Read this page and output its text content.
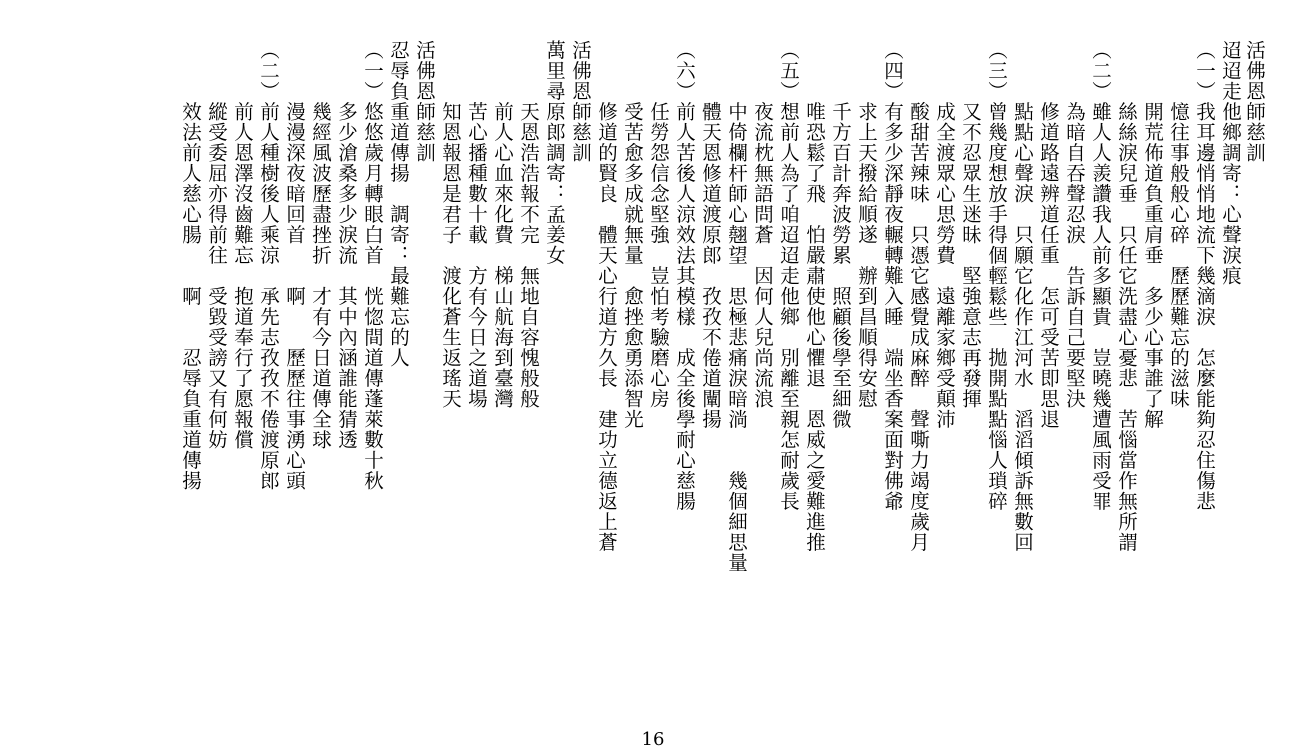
活佛恩師慈訓
迢迢走他鄉調寄：心聲淚痕
（一）我耳邊悄悄地流下幾滴淚　怎麼能夠忍住傷悲
　　　憶往事般般心碎　歷歷難忘的滋味
　　　開荒佈道負重肩垂　多少心事誰了解
　　　絲絲淚兒垂　只任它洗盡心憂悲　苦惱當作無所謂
（二）雖人人羨讚我人前多顯貴　豈曉幾遭風雨受罪
　　　為暗自吞聲忍淚　告訴自己要堅決
　　　修道路遠辨道任重　怎可受苦即思退
　　　點點心聲淚　只願它化作江河水　滔滔傾訴無數回
（三）曾幾度想放手得個輕鬆些　拋開點點惱人瑣碎
　　　又不忍眾生迷昧　堅強意志再發揮
　　　成全渡眾心思勞費　遠離家鄉受顛沛
　　　酸甜苦辣味　只憑它感覺成麻醉　聲嘶力竭度歲月
（四）有多少深靜夜輾轉難入睡　端坐香案面對佛爺
　　　求上天撥給順遂　辦到昌順得安慰
　　　千方百計奔波勞累　照顧後學至細微
　　　唯恐鬆了飛　怕嚴肅使他心懼退　恩威之愛難進推
（五）想前人為了咱迢迢走他鄉　別離至親怎耐歲長
　　　夜流枕無語問蒼　因何人兒尚流浪
　　　中倚欄杆師心翹望　思極悲痛淚暗淌　　幾個細思量
　　　體天恩修道渡原郎　孜孜不倦道闡揚
（六）前人苦後人涼效法其模樣　成全後學耐心慈腸
　　　任勞怨信念堅強　豈怕考驗磨心房
　　　受苦愈多成就無量　愈挫愈勇添智光
　　　修道的賢良　體天心行道方久長　建功立德返上蒼
活佛恩師慈訓
萬里尋原郎調寄：孟姜女
　　　天恩浩浩報不完　無地自容愧般般
　　　前人心血來化費　梯山航海到臺灣
　　　苦心播種數十載　方有今日之道場
　　　知恩報恩是君子　渡化蒼生返瑤天
活佛恩師慈訓
忍辱負重道傳揚　調寄：最難忘的人
（一）悠悠歲月轉眼白首　恍惚間道傳蓬萊數十秋
　　　多少滄桑多少淚流　其中內涵誰能猜透
　　　幾經風波歷盡挫折　才有今日道傳全球
　　　漫漫深夜暗回首　　啊　　歷歷往事湧心頭
（二）前人種樹後人乘涼　承先志孜孜不倦渡原郎
　　　前人恩澤沒齒難忘　抱道奉行了愿報償
　　　縱受委屈亦得前往　受毀受謗又有何妨
　　　效法前人慈心腸　　啊　　忍辱負重道傳揚
16
